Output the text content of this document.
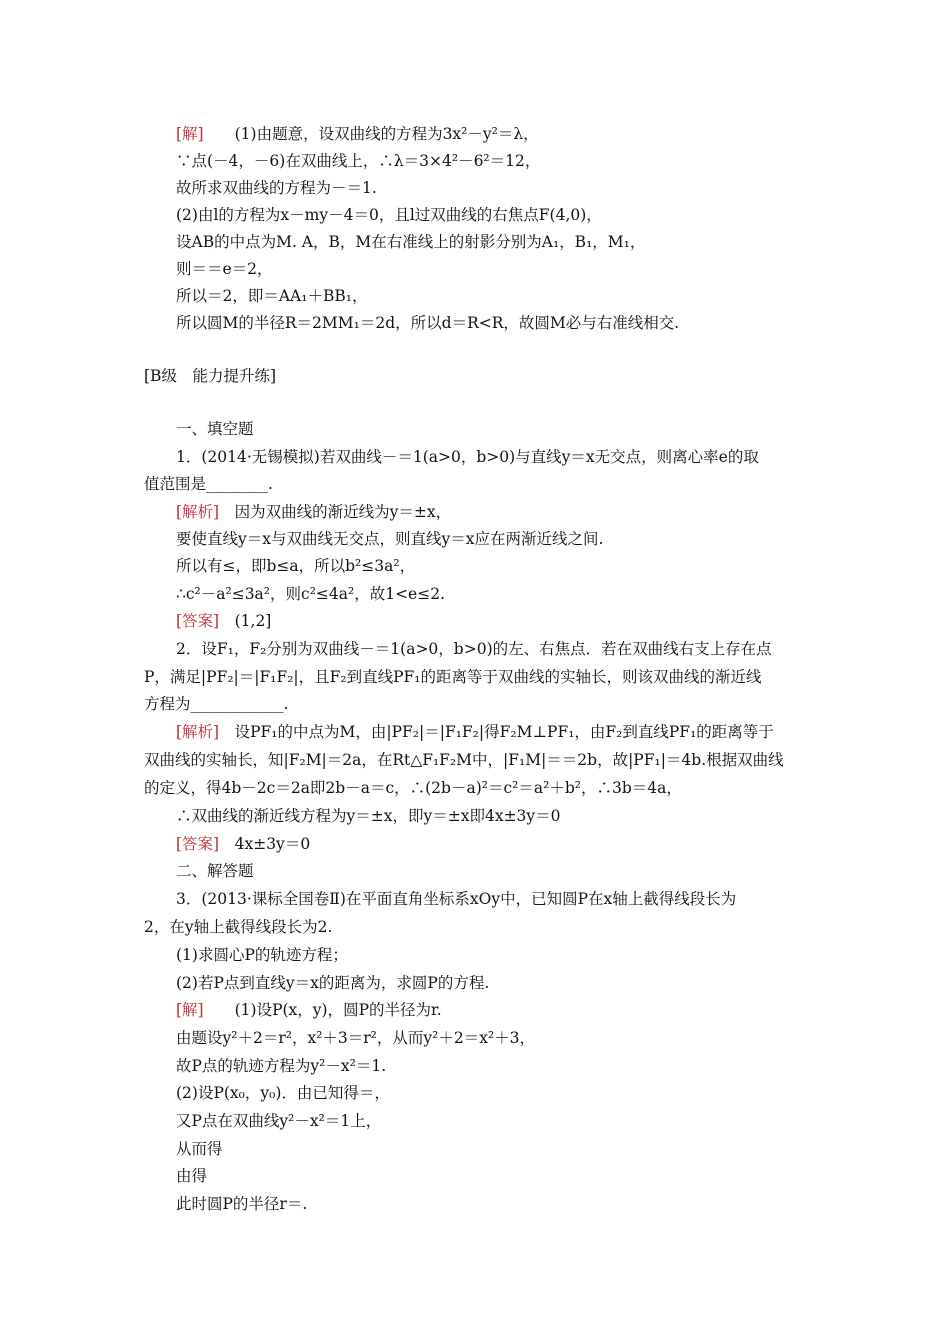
[解]　　(1)由题意，设双曲线的方程为3x²－y²＝λ，
∵点(－4，－6)在双曲线上，∴λ＝3×4²－6²＝12，
故所求双曲线的方程为－＝1.
(2)由l的方程为x－my－4＝0，且l过双曲线的右焦点F(4,0)，
设AB的中点为M. A，B，M在右准线上的射影分别为A₁，B₁，M₁，
则＝＝e＝2，
所以＝2，即＝AA₁＋BB₁，
所以圆M的半径R＝2MM₁＝2d，所以d＝R<R，故圆M必与右准线相交.
[B级　能力提升练]
一、填空题
1．(2014·无锡模拟)若双曲线－＝1(a>0，b>0)与直线y＝x无交点，则离心率e的取
值范围是________.
[解析]　因为双曲线的渐近线为y＝±x，
要使直线y＝x与双曲线无交点，则直线y＝x应在两渐近线之间.
所以有≤，即b≤a，所以b²≤3a²，
∴c²－a²≤3a²，则c²≤4a²，故1<e≤2.
[答案]　(1,2]
2．设F₁，F₂分别为双曲线－＝1(a>0，b>0)的左、右焦点．若在双曲线右支上存在点
P，满足|PF₂|＝|F₁F₂|，且F₂到直线PF₁的距离等于双曲线的实轴长，则该双曲线的渐近线
方程为____________.
[解析]　设PF₁的中点为M，由|PF₂|＝|F₁F₂|得F₂M⊥PF₁，由F₂到直线PF₁的距离等于
双曲线的实轴长，知|F₂M|＝2a，在Rt△F₁F₂M中，|F₁M|＝＝2b，故|PF₁|＝4b.根据双曲线
的定义，得4b－2c＝2a即2b－a＝c，∴(2b－a)²＝c²＝a²＋b²，∴3b＝4a，
∴双曲线的渐近线方程为y＝±x，即y＝±x即4x±3y＝0
[答案]　4x±3y＝0
二、解答题
3．(2013·课标全国卷Ⅱ)在平面直角坐标系xOy中，已知圆P在x轴上截得线段长为
2，在y轴上截得线段长为2.
(1)求圆心P的轨迹方程；
(2)若P点到直线y＝x的距离为，求圆P的方程.
[解]　　(1)设P(x，y)，圆P的半径为r.
由题设y²＋2＝r²，x²＋3＝r²，从而y²＋2＝x²＋3，
故P点的轨迹方程为y²－x²＝1.
(2)设P(x₀，y₀)．由已知得＝，
又P点在双曲线y²－x²＝1上，
从而得
由得
此时圆P的半径r＝.
